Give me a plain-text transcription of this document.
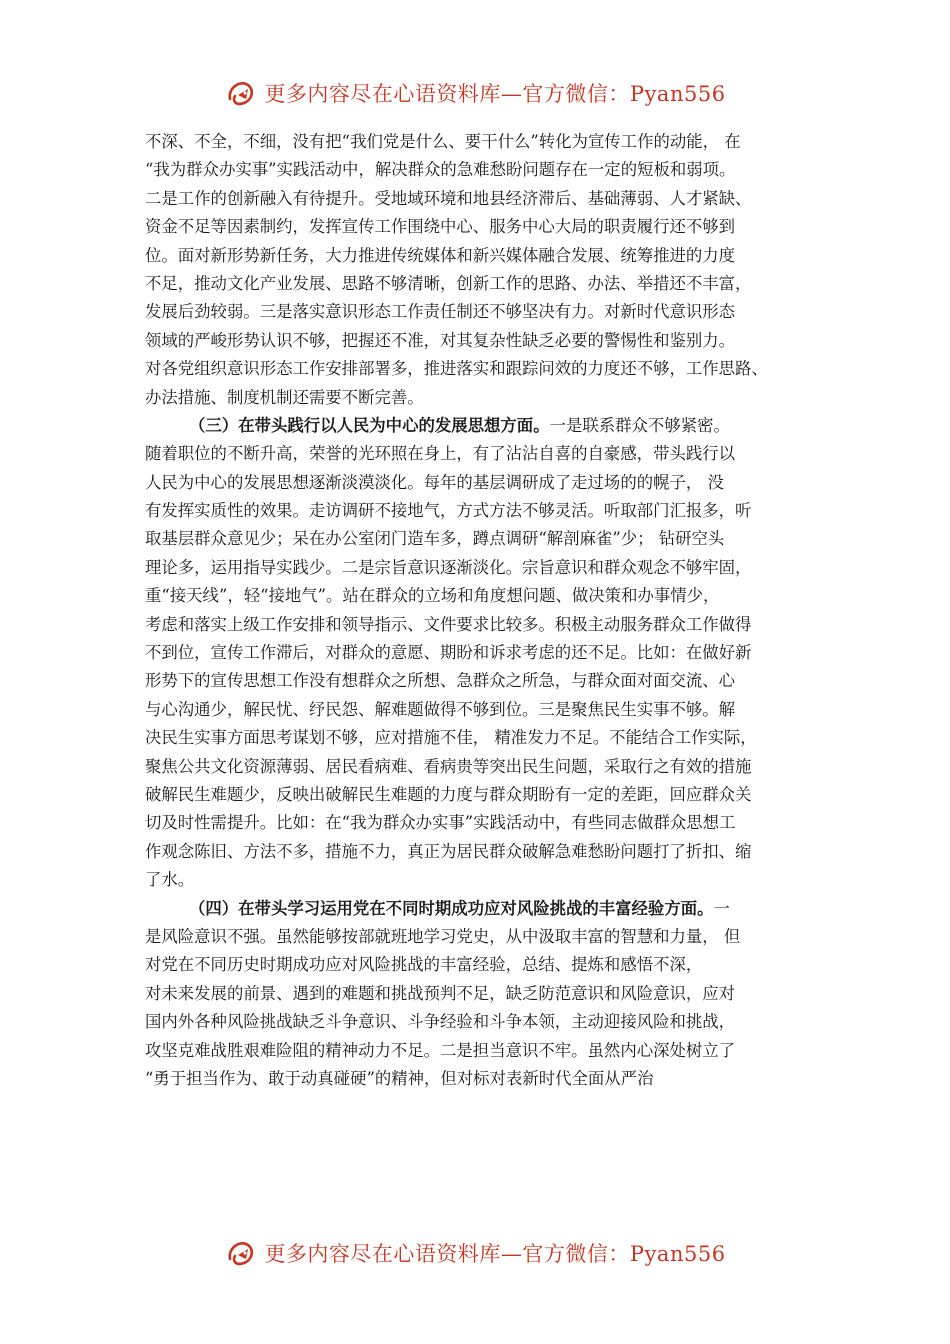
更多内容尽在心语资料库—官方微信：Pyan556
不深、不全，不细，没有把“我们党是什么、要干什么”转化为宣传工作的动能， 在
“我为群众办实事”实践活动中，解决群众的急难愁盼问题存在一定的短板和弱项。
二是工作的创新融入有待提升。受地域环境和地县经济滞后、基础薄弱、人才紧缺、
资金不足等因素制约，发挥宣传工作围绕中心、服务中心大局的职责履行还不够到
位。面对新形势新任务，大力推进传统媒体和新兴媒体融合发展、统筹推进的力度
不足，推动文化产业发展、思路不够清晰，创新工作的思路、办法、举措还不丰富，
发展后劲较弱。三是落实意识形态工作责任制还不够坚决有力。对新时代意识形态
领域的严峻形势认识不够，把握还不准，对其复杂性缺乏必要的警惕性和鉴别力。
对各党组织意识形态工作安排部署多，推进落实和跟踪问效的力度还不够，工作思路、
办法措施、制度机制还需要不断完善。
（三）在带头践行以人民为中心的发展思想方面。一是联系群众不够紧密。
随着职位的不断升高，荣誉的光环照在身上，有了沾沾自喜的自豪感，带头践行以
人民为中心的发展思想逐渐淡漠淡化。每年的基层调研成了走过场的的幌子， 没
有发挥实质性的效果。走访调研不接地气，方式方法不够灵活。听取部门汇报多，听
取基层群众意见少；呆在办公室闭门造车多，蹲点调研“解剖麻雀”少； 钻研空头
理论多，运用指导实践少。二是宗旨意识逐渐淡化。宗旨意识和群众观念不够牢固，
重“接天线”，轻“接地气”。站在群众的立场和角度想问题、做决策和办事情少，
考虑和落实上级工作安排和领导指示、文件要求比较多。积极主动服务群众工作做得
不到位，宣传工作滞后，对群众的意愿、期盼和诉求考虑的还不足。比如：在做好新
形势下的宣传思想工作没有想群众之所想、急群众之所急，与群众面对面交流、心
与心沟通少，解民忧、纾民怨、解难题做得不够到位。三是聚焦民生实事不够。解
决民生实事方面思考谋划不够，应对措施不佳， 精准发力不足。不能结合工作实际，
聚焦公共文化资源薄弱、居民看病难、看病贵等突出民生问题，采取行之有效的措施
破解民生难题少，反映出破解民生难题的力度与群众期盼有一定的差距，回应群众关
切及时性需提升。比如：在“我为群众办实事”实践活动中，有些同志做群众思想工
作观念陈旧、方法不多，措施不力，真正为居民群众破解急难愁盼问题打了折扣、缩
了水。
（四）在带头学习运用党在不同时期成功应对风险挑战的丰富经验方面。一
是风险意识不强。虽然能够按部就班地学习党史，从中汲取丰富的智慧和力量， 但
对党在不同历史时期成功应对风险挑战的丰富经验，总结、提炼和感悟不深，
对未来发展的前景、遇到的难题和挑战预判不足，缺乏防范意识和风险意识，应对
国内外各种风险挑战缺乏斗争意识、斗争经验和斗争本领，主动迎接风险和挑战，
攻坚克难战胜艰难险阻的精神动力不足。二是担当意识不牢。虽然内心深处树立了
“勇于担当作为、敢于动真碰硬”的精神，但对标对表新时代全面从严治
更多内容尽在心语资料库—官方微信：Pyan556
